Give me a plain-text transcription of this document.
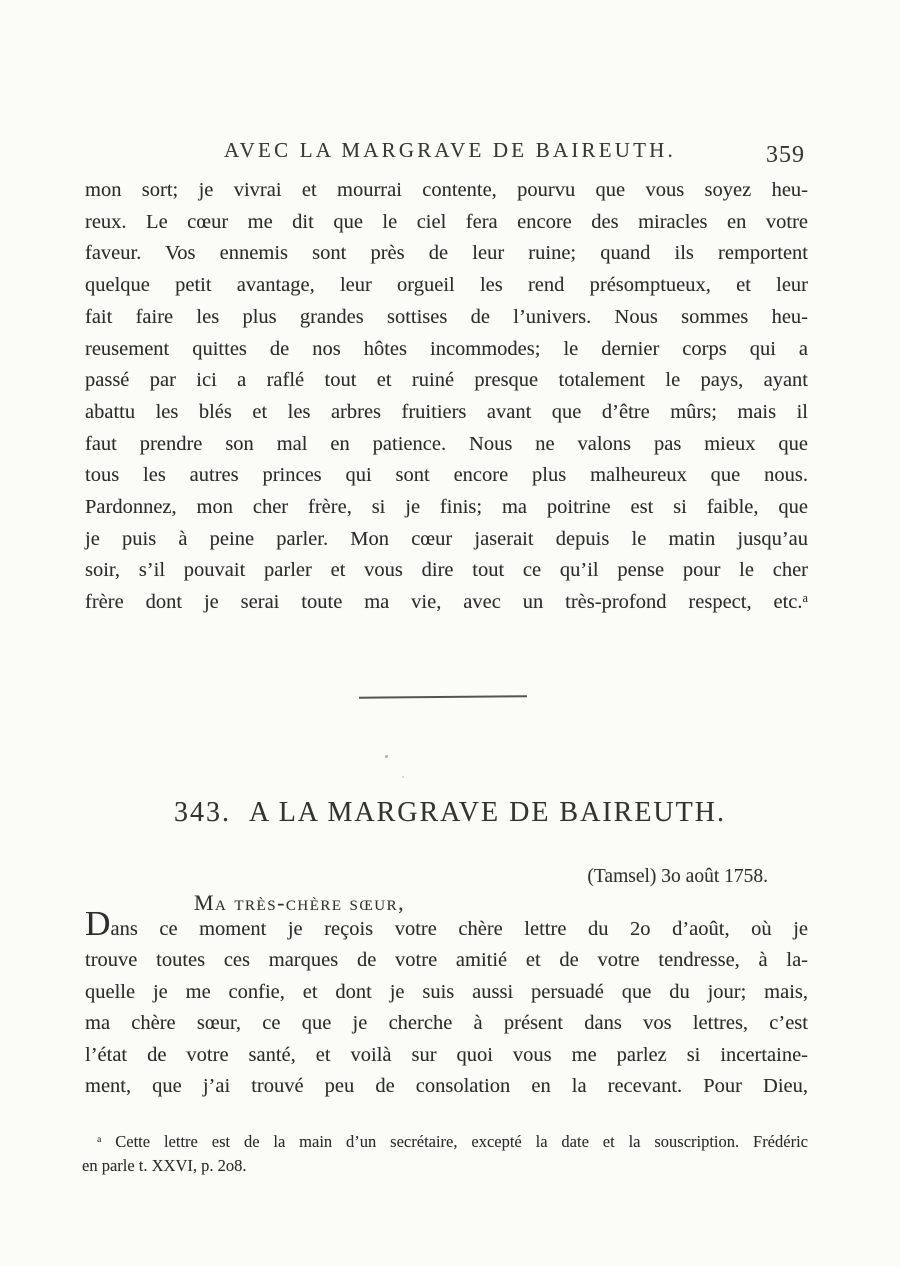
AVEC LA MARGRAVE DE BAIREUTH.	359
mon sort; je vivrai et mourrai contente, pourvu que vous soyez heu-
reux. Le cœur me dit que le ciel fera encore des miracles en votre
faveur. Vos ennemis sont près de leur ruine; quand ils remportent
quelque petit avantage, leur orgueil les rend présomptueux, et leur
fait faire les plus grandes sottises de l’univers. Nous sommes heu-
reusement quittes de nos hôtes incommodes; le dernier corps qui a
passé par ici a raflé tout et ruiné presque totalement le pays, ayant
abattu les blés et les arbres fruitiers avant que d’être mûrs; mais il
faut prendre son mal en patience. Nous ne valons pas mieux que
tous les autres princes qui sont encore plus malheureux que nous.
Pardonnez, mon cher frère, si je finis; ma poitrine est si faible, que
je puis à peine parler. Mon cœur jaserait depuis le matin jusqu’au
soir, s’il pouvait parler et vous dire tout ce qu’il pense pour le cher
frère dont je serai toute ma vie, avec un très-profond respect, etc.$^a$
343. A LA MARGRAVE DE BAIREUTH.
(Tamsel) 3o août 1758.
Ma très-chère sœur,
Dans ce moment je reçois votre chère lettre du 2o d’août, où je
trouve toutes ces marques de votre amitié et de votre tendresse, à la-
quelle je me confie, et dont je suis aussi persuadé que du jour; mais,
ma chère sœur, ce que je cherche à présent dans vos lettres, c’est
l’état de votre santé, et voilà sur quoi vous me parlez si incertaine-
ment, que j’ai trouvé peu de consolation en la recevant. Pour Dieu,
$^a$ Cette lettre est de la main d’un secrétaire, excepté la date et la souscription. Frédéric
en parle t. XXVI, p. 2o8.
